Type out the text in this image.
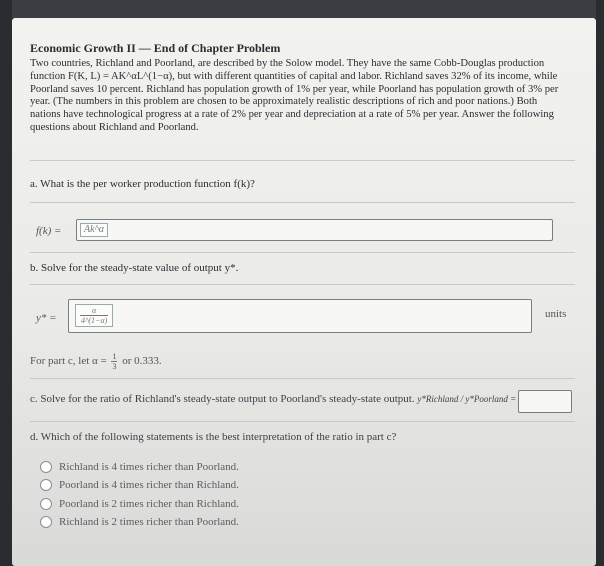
Economic Growth II — End of Chapter Problem
Two countries, Richland and Poorland, are described by the Solow model. They have the same Cobb-Douglas production function F(K, L) = AK^αL^(1−α), but with different quantities of capital and labor. Richland saves 32% of its income, while Poorland saves 10 percent. Richland has population growth of 1% per year, while Poorland has population growth of 3% per year. (The numbers in this problem are chosen to be approximately realistic descriptions of rich and poor nations.) Both nations have technological progress at a rate of 2% per year and depreciation at a rate of 5% per year. Answer the following questions about Richland and Poorland.
a. What is the per worker production function f(k)?
f(k) =	Ak^α
b. Solve for the steady-state value of output y*.
y* =	$\frac{\alpha}{4\^{}(1-\alpha)}$	units
For part c, let $\alpha = \frac{1}{3}$ or 0.333.
c. Solve for the ratio of Richland's steady-state output to Poorland's steady-state output. y*Richland / y*Poorland =
d. Which of the following statements is the best interpretation of the ratio in part c?
Richland is 4 times richer than Poorland.
Poorland is 4 times richer than Richland.
Poorland is 2 times richer than Richland.
Richland is 2 times richer than Poorland.
